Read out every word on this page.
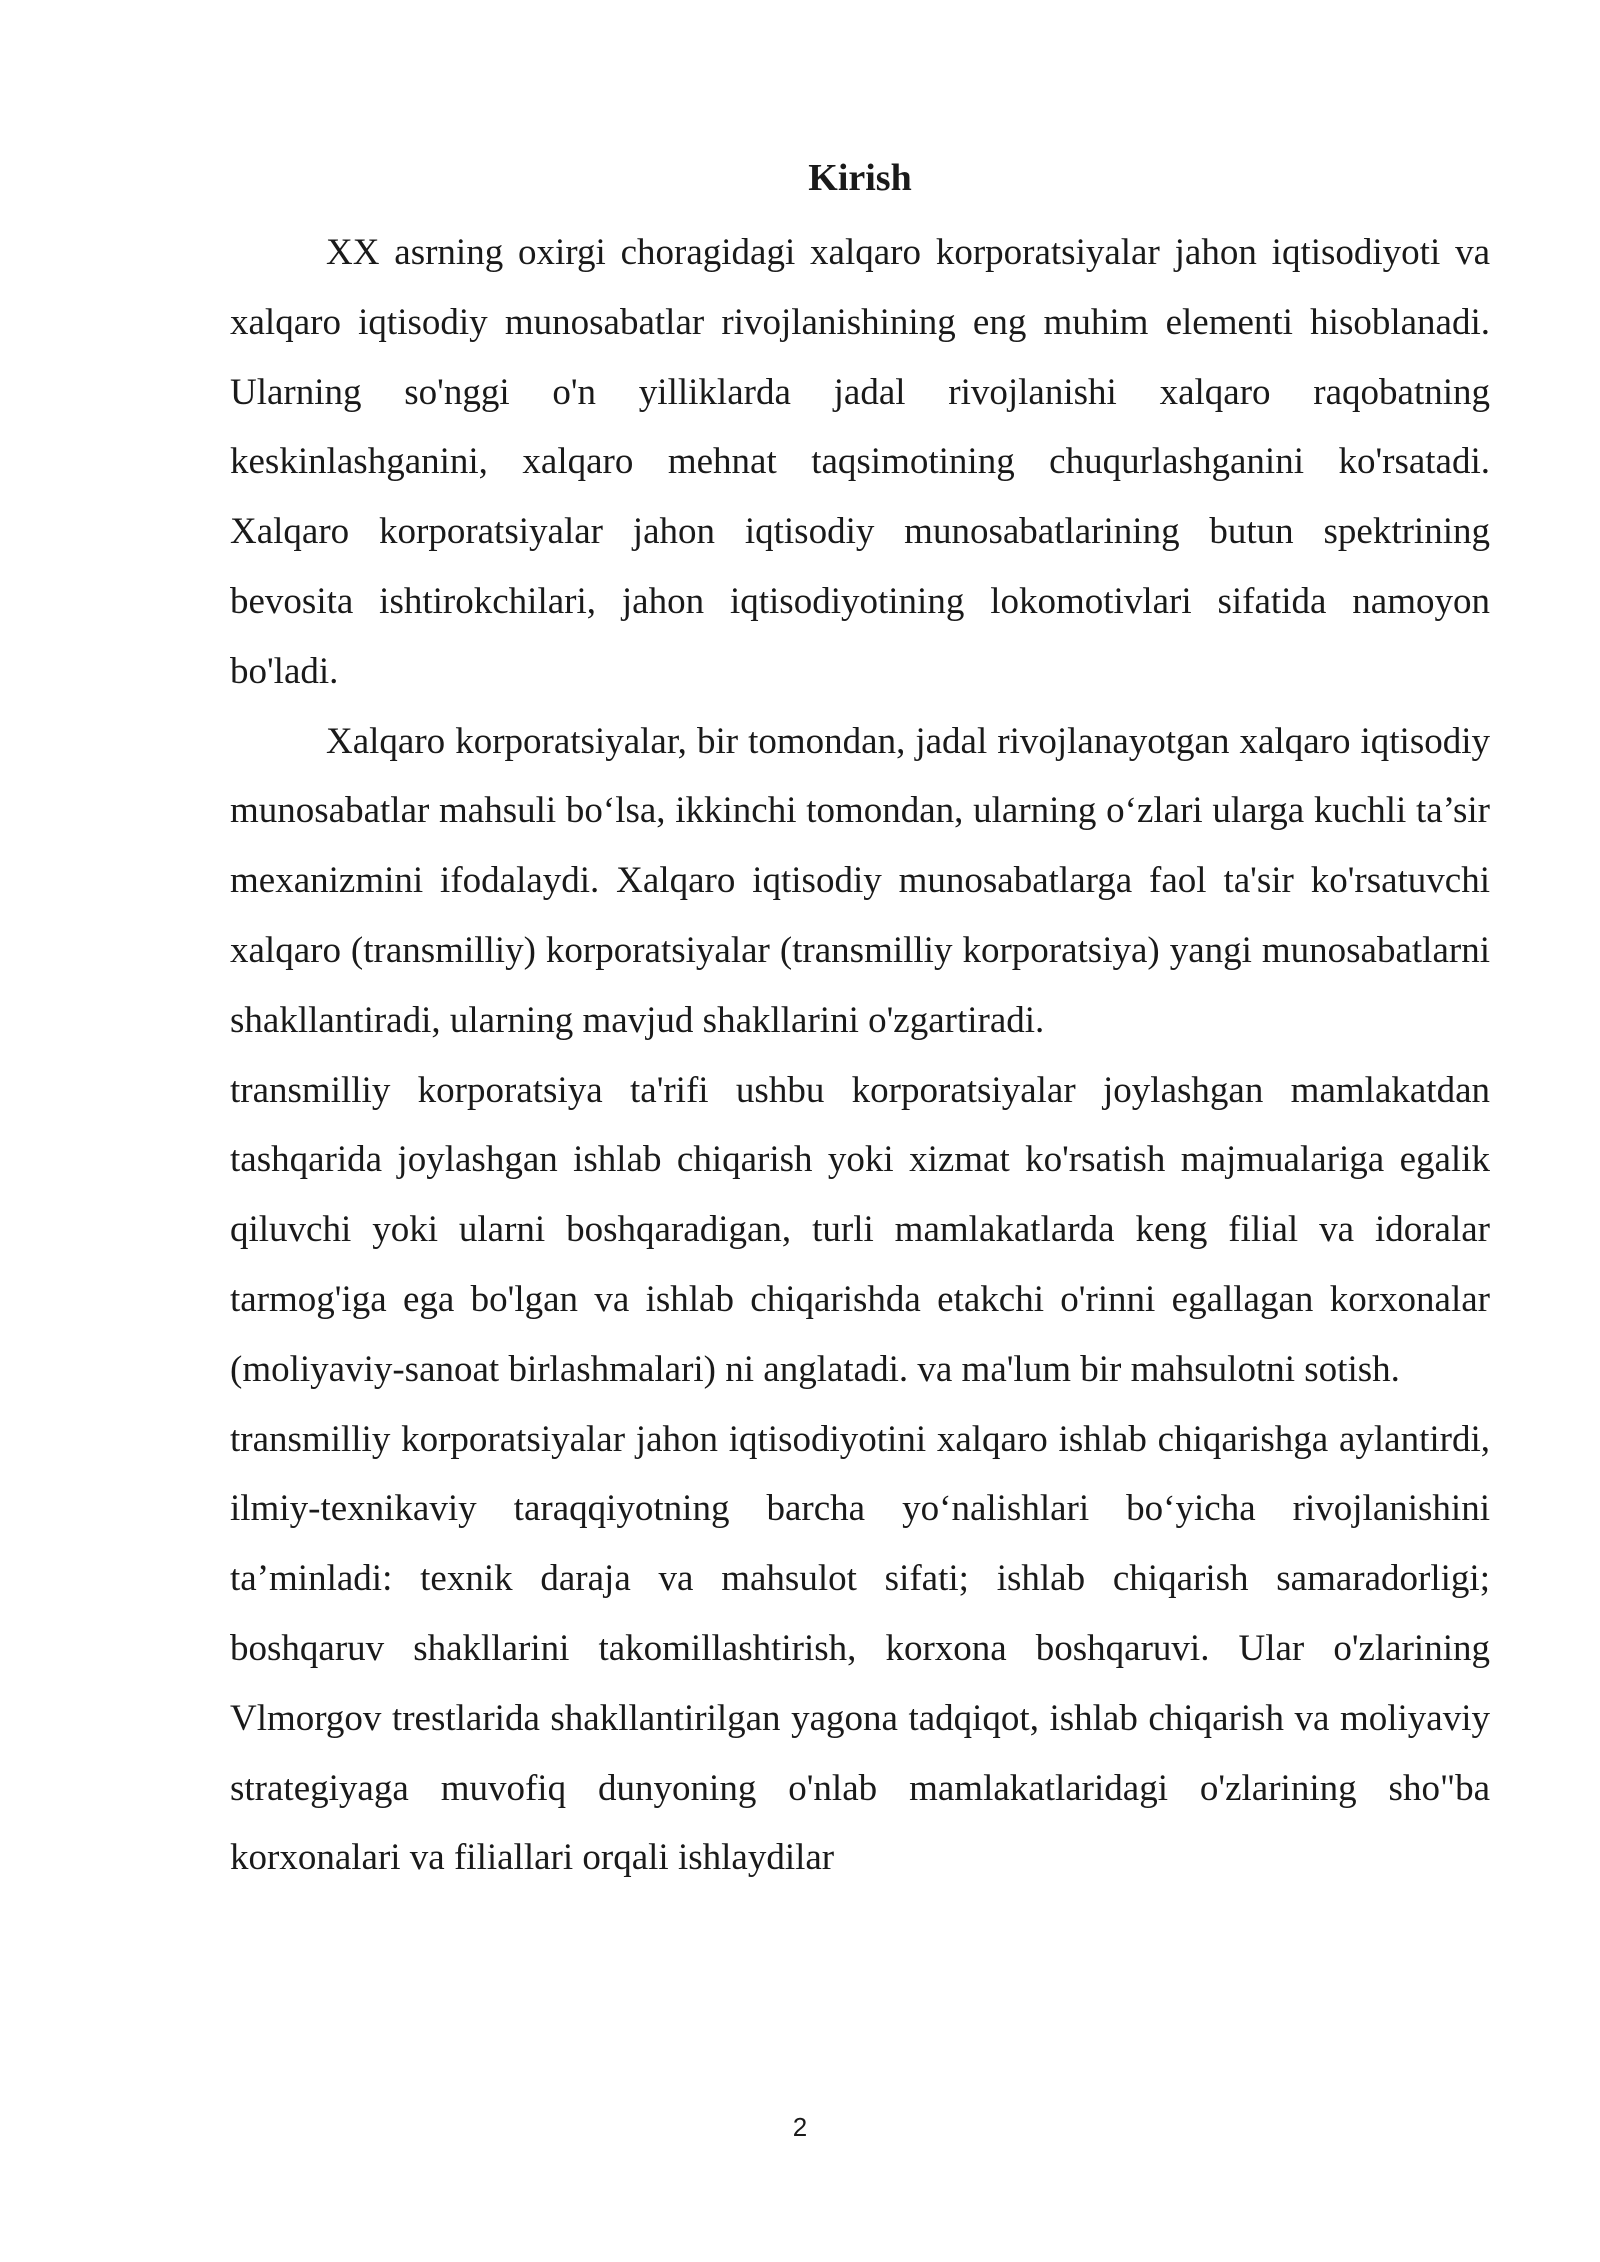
Kirish

XX asrning oxirgi choragidagi xalqaro korporatsiyalar jahon iqtisodiyoti va xalqaro iqtisodiy munosabatlar rivojlanishining eng muhim elementi hisoblanadi. Ularning so'nggi o'n yilliklarda jadal rivojlanishi xalqaro raqobatning keskinlashganini, xalqaro mehnat taqsimotining chuqurlashganini ko'rsatadi. Xalqaro korporatsiyalar jahon iqtisodiy munosabatlarining butun spektrining bevosita ishtirokchilari, jahon iqtisodiyotining lokomotivlari sifatida namoyon bo'ladi.

Xalqaro korporatsiyalar, bir tomondan, jadal rivojlanayotgan xalqaro iqtisodiy munosabatlar mahsuli bo‘lsa, ikkinchi tomondan, ularning o‘zlari ularga kuchli ta’sir mexanizmini ifodalaydi. Xalqaro iqtisodiy munosabatlarga faol ta'sir ko'rsatuvchi xalqaro (transmilliy) korporatsiyalar (transmilliy korporatsiya) yangi munosabatlarni shakllantiradi, ularning mavjud shakllarini o'zgartiradi.

transmilliy korporatsiya ta'rifi ushbu korporatsiyalar joylashgan mamlakatdan tashqarida joylashgan ishlab chiqarish yoki xizmat ko'rsatish majmualariga egalik qiluvchi yoki ularni boshqaradigan, turli mamlakatlarda keng filial va idoralar tarmog'iga ega bo'lgan va ishlab chiqarishda etakchi o'rinni egallagan korxonalar (moliyaviy-sanoat birlashmalari) ni anglatadi. va ma'lum bir mahsulotni sotish.

transmilliy korporatsiyalar jahon iqtisodiyotini xalqaro ishlab chiqarishga aylantirdi, ilmiy-texnikaviy taraqqiyotning barcha yo‘nalishlari bo‘yicha rivojlanishini ta’minladi: texnik daraja va mahsulot sifati; ishlab chiqarish samaradorligi; boshqaruv shakllarini takomillashtirish, korxona boshqaruvi. Ular o'zlarining Vlmorgov trestlarida shakllantirilgan yagona tadqiqot, ishlab chiqarish va moliyaviy strategiyaga muvofiq dunyoning o'nlab mamlakatlaridagi o'zlarining sho"ba korxonalari va filiallari orqali ishlaydilar

2
